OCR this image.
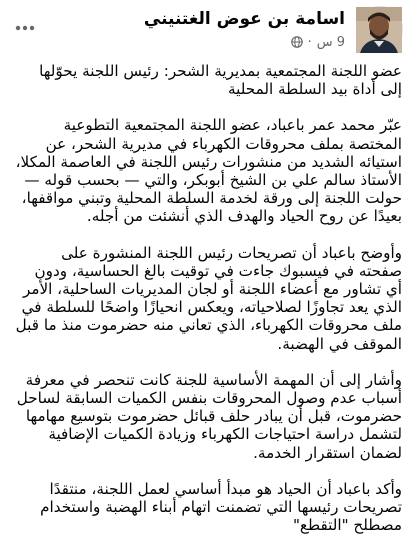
اسامة بن عوض الغتنيني
9 س
·

عضو اللجنة المجتمعية بمديرية الشحر: رئيس اللجنة يحوّلها إلى أداة بيد السلطة المحلية

عبّر محمد عمر باعباد، عضو اللجنة المجتمعية التطوعية المختصة بملف محروقات الكهرباء في مديرية الشحر، عن استيائه الشديد من منشورات رئيس اللجنة في العاصمة المكلا، الأستاذ سالم علي بن الشيخ أبوبكر، والتي — بحسب قوله — حولت اللجنة إلى ورقة لخدمة السلطة المحلية وتبني مواقفها، بعيدًا عن روح الحياد والهدف الذي أنشئت من أجله.

وأوضح باعباد أن تصريحات رئيس اللجنة المنشورة على صفحته في فيسبوك جاءت في توقيت بالغ الحساسية، ودون أي تشاور مع أعضاء اللجنة أو لجان المديريات الساحلية، الأمر الذي يعد تجاوزًا لصلاحياته، ويعكس انحيازًا واضحًا للسلطة في ملف محروقات الكهرباء، الذي تعاني منه حضرموت منذ ما قبل الموقف في الهضبة.

وأشار إلى أن المهمة الأساسية للجنة كانت تنحصر في معرفة أسباب عدم وصول المحروقات بنفس الكميات السابقة لساحل حضرموت، قبل أن يبادر حلف قبائل حضرموت بتوسيع مهامها لتشمل دراسة احتياجات الكهرباء وزيادة الكميات الإضافية لضمان استقرار الخدمة.

وأكد باعباد أن الحياد هو مبدأ أساسي لعمل اللجنة، منتقدًا تصريحات رئيسها التي تضمنت اتهام أبناء الهضبة واستخدام مصطلح "التقطع"
